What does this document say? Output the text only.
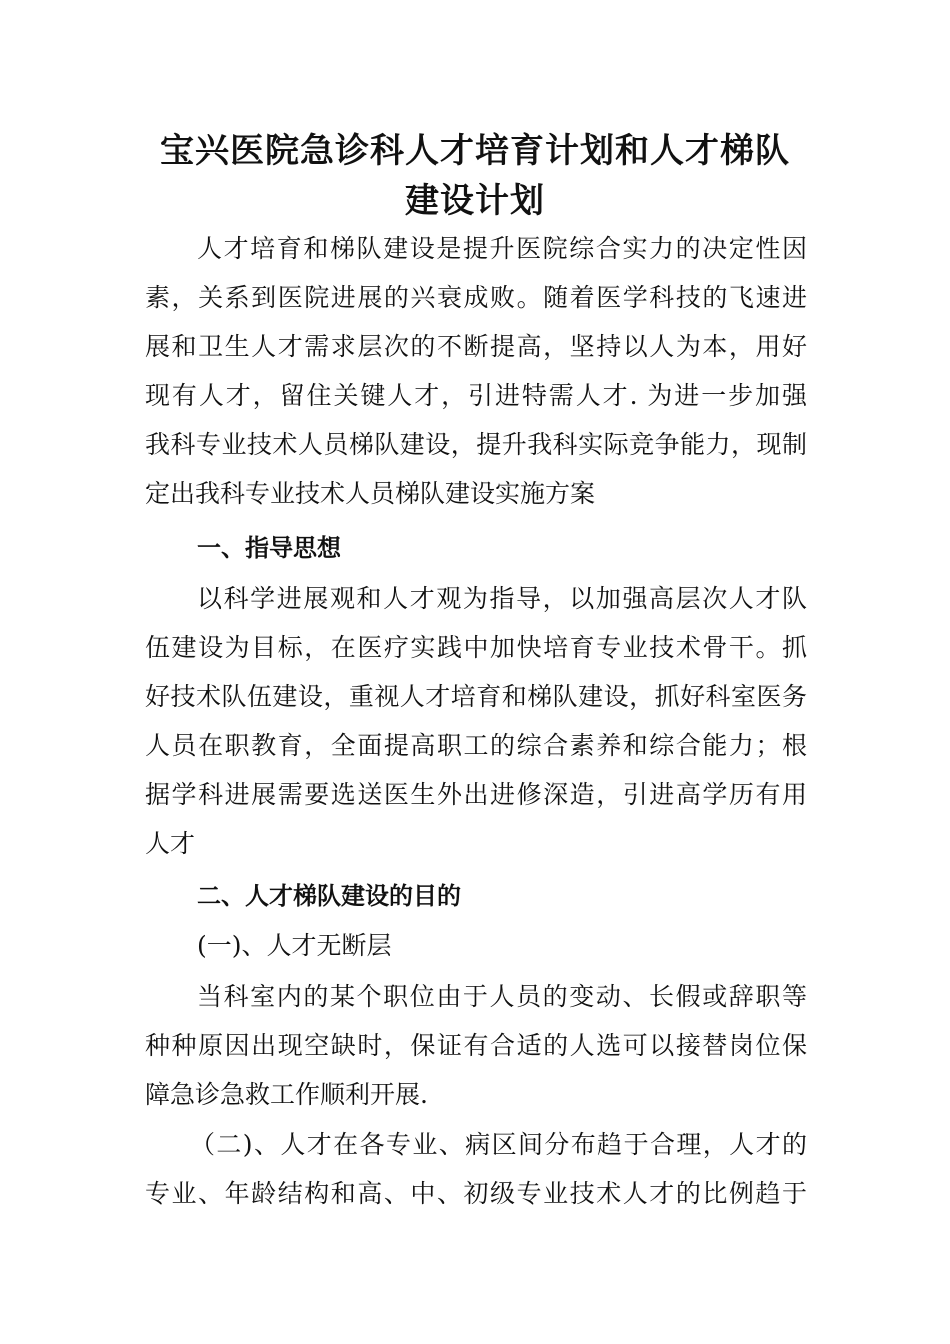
宝兴医院急诊科人才培育计划和人才梯队
建设计划
人才培育和梯队建设是提升医院综合实力的决定性因
素，关系到医院进展的兴衰成败。随着医学科技的飞速进
展和卫生人才需求层次的不断提高，坚持以人为本，用好
现有人才，留住关键人才，引进特需人才. 为进一步加强
我科专业技术人员梯队建设，提升我科实际竞争能力，现制
定出我科专业技术人员梯队建设实施方案
一、指导思想
以科学进展观和人才观为指导，以加强高层次人才队
伍建设为目标，在医疗实践中加快培育专业技术骨干。抓
好技术队伍建设，重视人才培育和梯队建设，抓好科室医务
人员在职教育，全面提高职工的综合素养和综合能力；根
据学科进展需要选送医生外出进修深造，引进高学历有用
人才
二、人才梯队建设的目的
(一)、人才无断层
当科室内的某个职位由于人员的变动、长假或辞职等
种种原因出现空缺时，保证有合适的人选可以接替岗位保
障急诊急救工作顺利开展.
（二)、人才在各专业、病区间分布趋于合理，人才的
专业、年龄结构和高、中、初级专业技术人才的比例趋于
